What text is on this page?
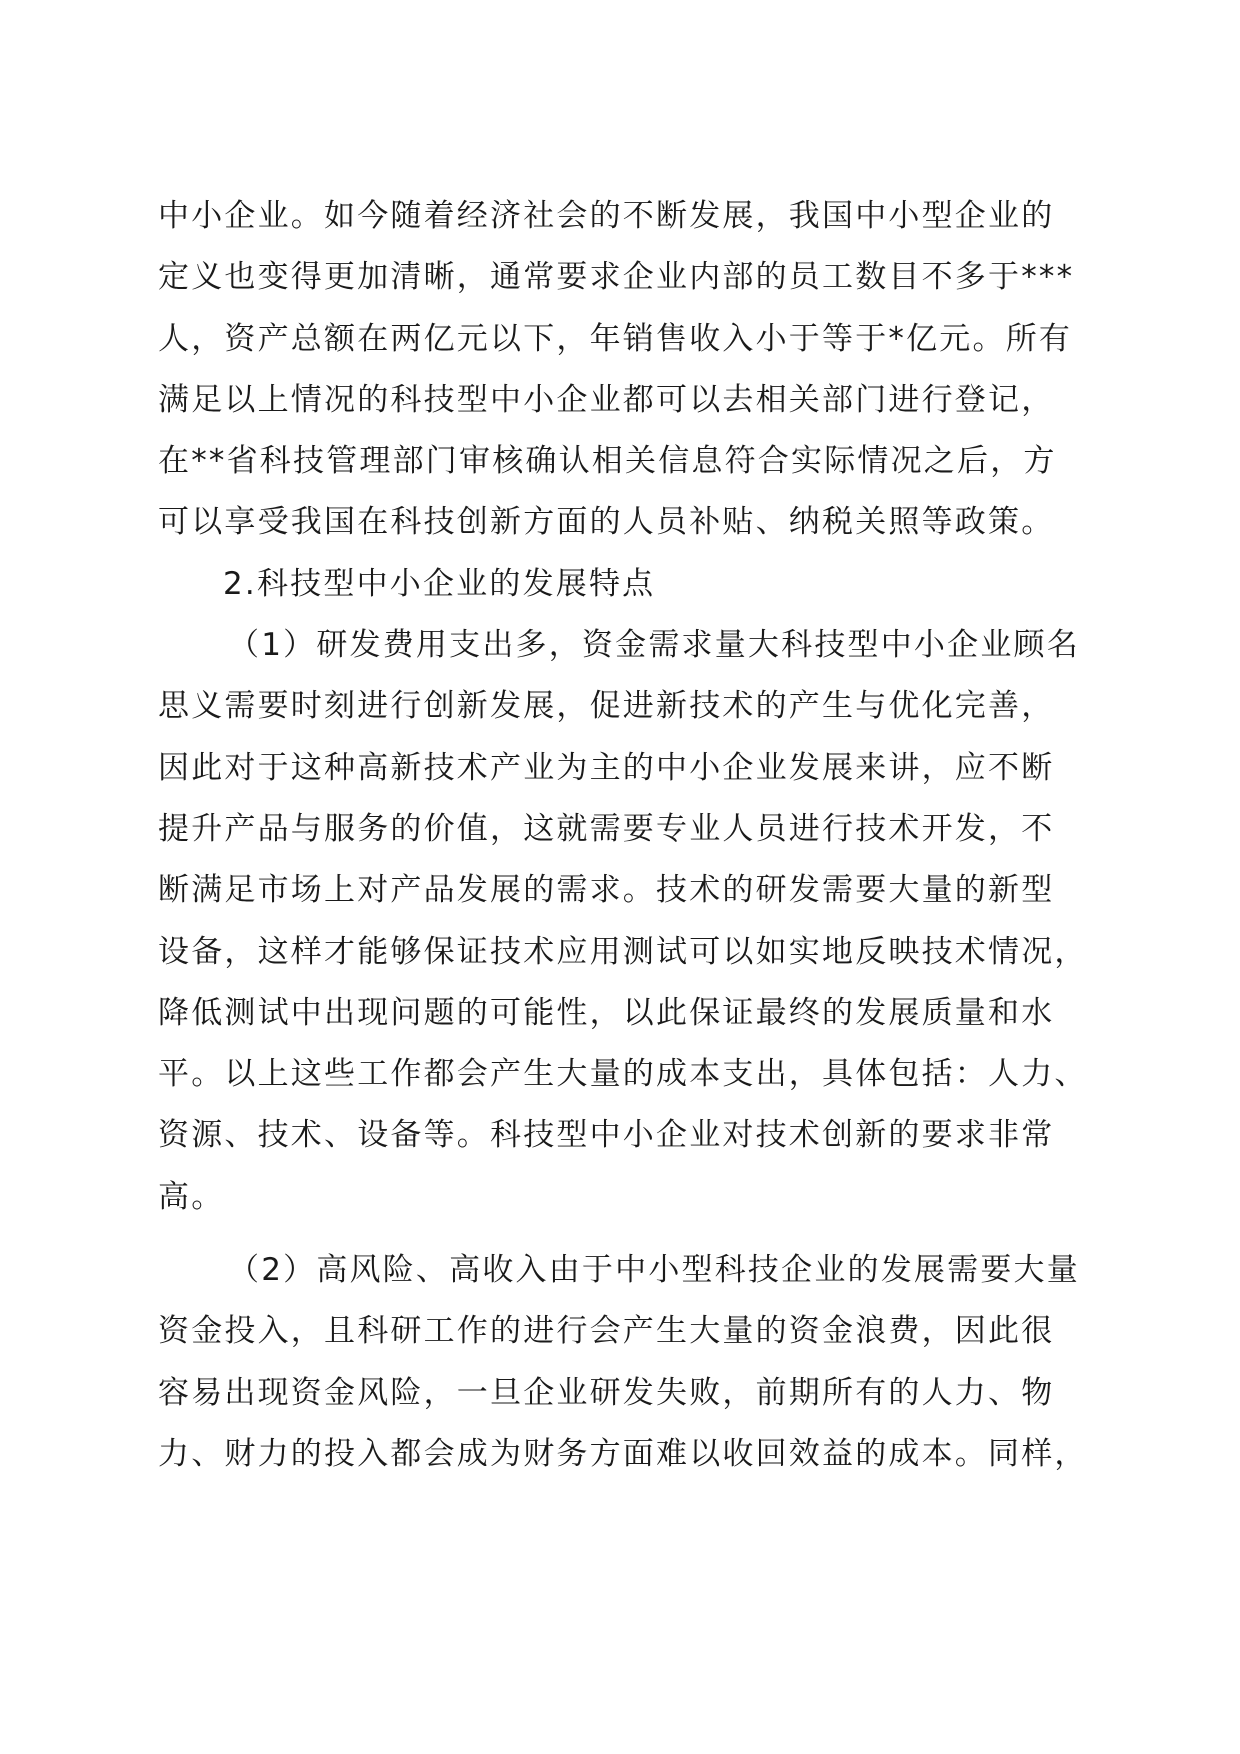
中小企业。如今随着经济社会的不断发展，我国中小型企业的
定义也变得更加清晰，通常要求企业内部的员工数目不多于***
人，资产总额在两亿元以下，年销售收入小于等于*亿元。所有
满足以上情况的科技型中小企业都可以去相关部门进行登记，
在**省科技管理部门审核确认相关信息符合实际情况之后，方
可以享受我国在科技创新方面的人员补贴、纳税关照等政策。
2.科技型中小企业的发展特点
（1）研发费用支出多，资金需求量大科技型中小企业顾名
思义需要时刻进行创新发展，促进新技术的产生与优化完善，
因此对于这种高新技术产业为主的中小企业发展来讲，应不断
提升产品与服务的价值，这就需要专业人员进行技术开发，不
断满足市场上对产品发展的需求。技术的研发需要大量的新型
设备，这样才能够保证技术应用测试可以如实地反映技术情况，
降低测试中出现问题的可能性，以此保证最终的发展质量和水
平。以上这些工作都会产生大量的成本支出，具体包括：人力、
资源、技术、设备等。科技型中小企业对技术创新的要求非常
高。
（2）高风险、高收入由于中小型科技企业的发展需要大量
资金投入，且科研工作的进行会产生大量的资金浪费，因此很
容易出现资金风险，一旦企业研发失败，前期所有的人力、物
力、财力的投入都会成为财务方面难以收回效益的成本。同样，
